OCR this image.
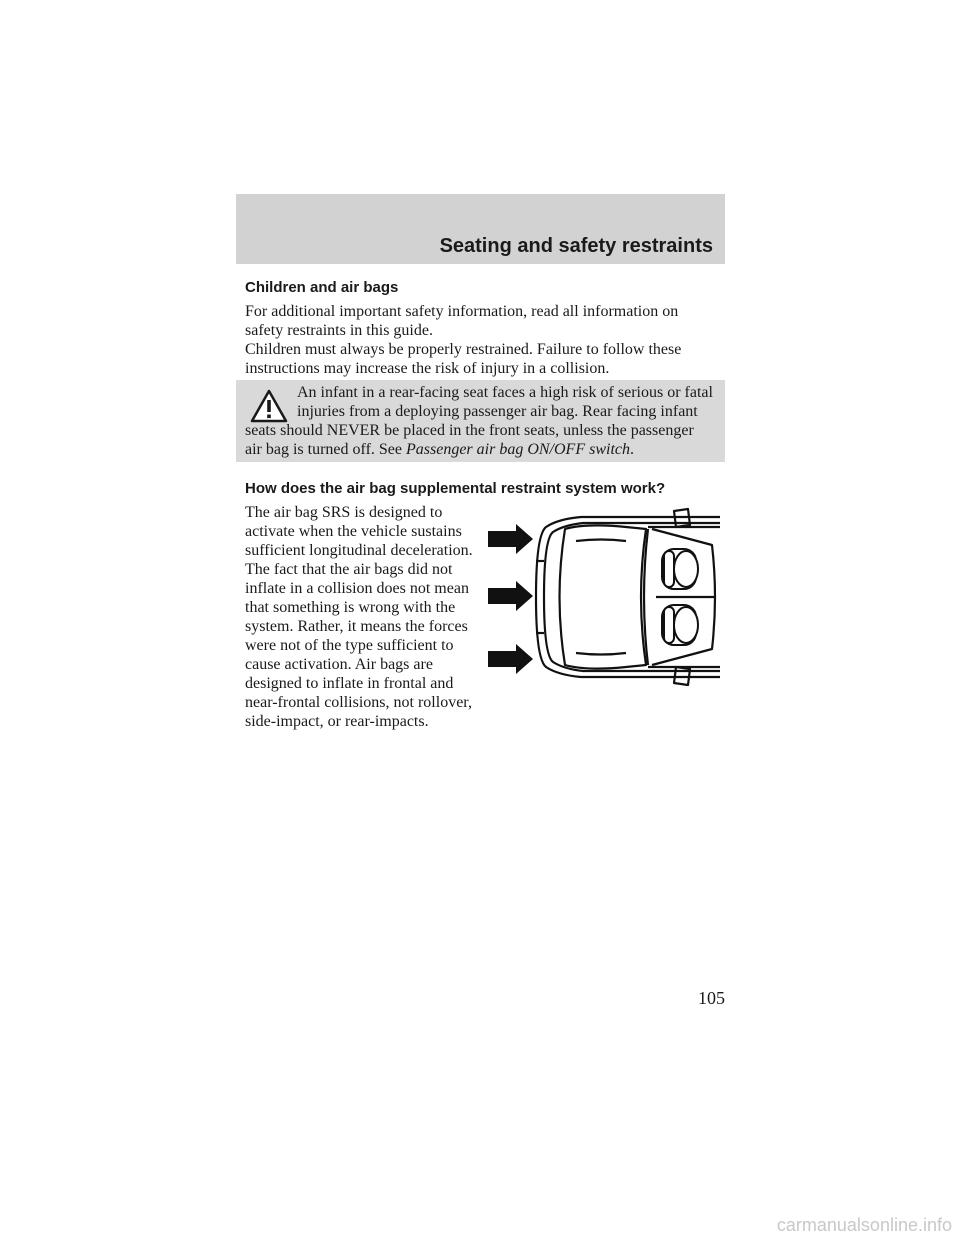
Seating and safety restraints
Children and air bags

For additional important safety information, read all information on
safety restraints in this guide.

Children must always be properly restrained. Failure to follow these
instructions may increase the risk of injury in a collision.

An infant in a rear-facing seat faces a high risk of serious or fatal
injuries from a deploying passenger air bag. Rear facing infant
seats should NEVER be placed in the front seats, unless the passenger
air bag is turned off. See Passenger air bag ON/OFF switch.
How does the air bag supplemental restraint system work?

The air bag SRS is designed to
activate when the vehicle sustains
sufficient longitudinal deceleration.

The fact that the air bags did not
inflate in a collision does not mean
that something is wrong with the
system. Rather, it means the forces
were not of the type sufficient to
cause activation. Air bags are
designed to inflate in frontal and
near-frontal collisions, not rollover,
side-impact, or rear-impacts.

105
carmanualsonline.info
